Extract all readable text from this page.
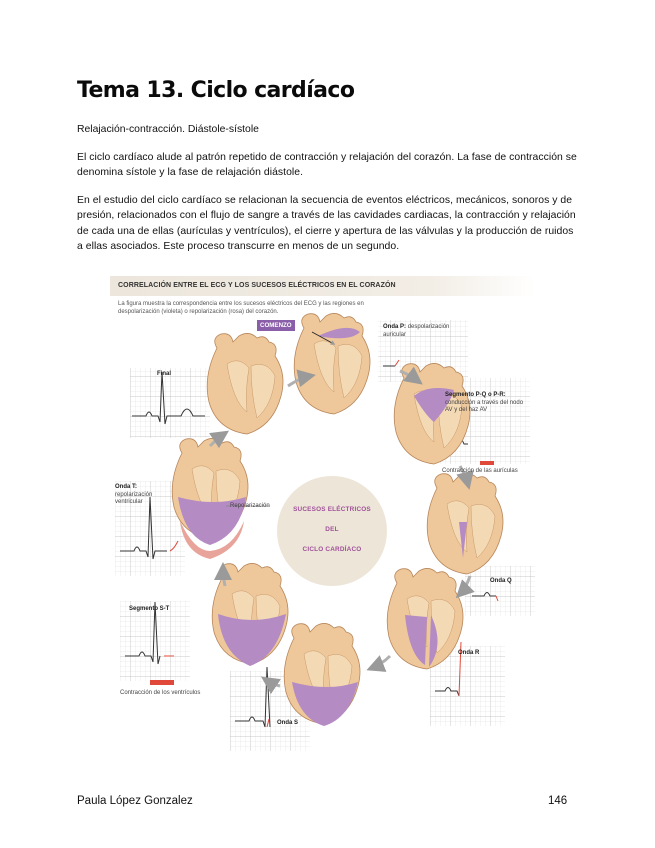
Tema 13. Ciclo cardíaco
Relajación-contracción. Diástole-sístole

El ciclo cardíaco alude al patrón repetido de contracción y relajación del corazón. La fase de contracción se denomina sístole y la fase de relajación diástole.

En el estudio del ciclo cardíaco se relacionan la secuencia de eventos eléctricos, mecánicos, sonoros y de presión, relacionados con el flujo de sangre a través de las cavidades cardiacas, la contracción y relajación de cada una de ellas (aurículas y ventrículos), el cierre y apertura de las válvulas y la producción de ruidos a ellas asociados. Este proceso transcurre en menos de un segundo.

CORRELACIÓN ENTRE EL ECG Y LOS SUCESOS ELÉCTRICOS EN EL CORAZÓN
La figura muestra la correspondencia entre los sucesos eléctricos del ECG y las regiones en despolarización (violeta) o repolarización (rosa) del corazón.
COMENZO
SUCESOS ELÉCTRICOS
DEL
CICLO CARDÍACO
Onda P: despolarización auricular
Segmento P-Q o P-R: conducción a través del nodo AV y del haz AV
Contracción de las aurículas
Onda Q
Onda R
Onda S
Segmento S-T
Contracción de los ventrículos
Onda T:
repolarización ventricular
Final
Repolarización
Paula López Gonzalez	146
